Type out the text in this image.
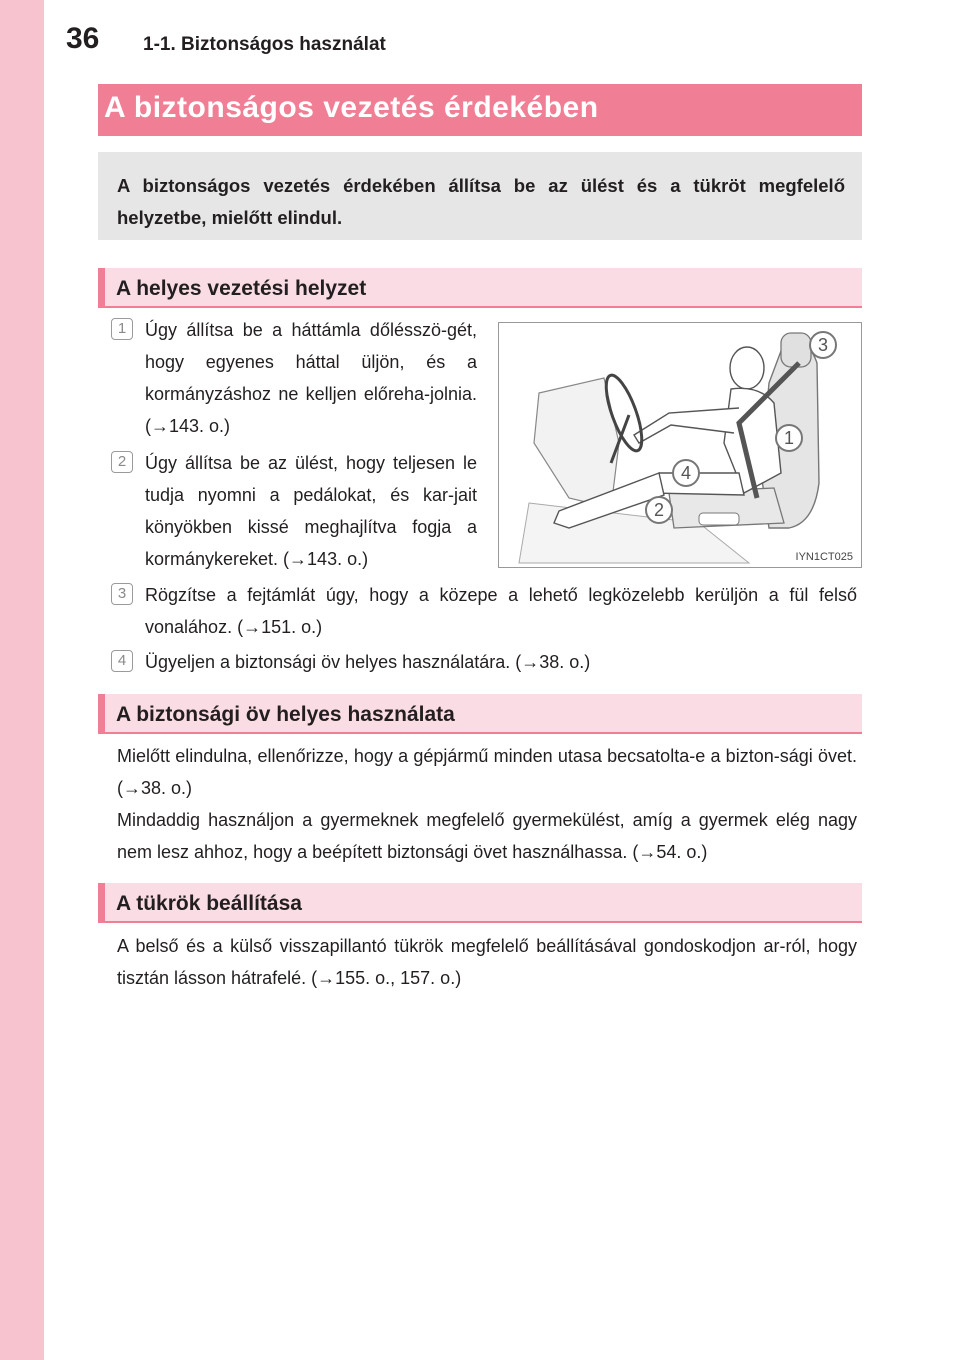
36 1-1. Biztonságos használat
A biztonságos vezetés érdekében
A biztonságos vezetés érdekében állítsa be az ülést és a tükröt megfelelő helyzetbe, mielőtt elindul.
A helyes vezetési helyzet
1	Úgy állítsa be a háttámla dőlésszö-gét, hogy egyenes háttal üljön, és a kormányzáshoz ne kelljen előreha-jolnia. (→143. o.)
2	Úgy állítsa be az ülést, hogy teljesen le tudja nyomni a pedálokat, és kar-jait könyökben kissé meghajlítva fogja a kormánykereket. (→143. o.)
3
1
4
2
IYN1CT025
3	Rögzítse a fejtámlát úgy, hogy a közepe a lehető legközelebb kerüljön a fül felső vonalához. (→151. o.)
4	Ügyeljen a biztonsági öv helyes használatára. (→38. o.)
A biztonsági öv helyes használata
Mielőtt elindulna, ellenőrizze, hogy a gépjármű minden utasa becsatolta-e a bizton-sági övet. (→38. o.)
Mindaddig használjon a gyermeknek megfelelő gyermekülést, amíg a gyermek elég nagy nem lesz ahhoz, hogy a beépített biztonsági övet használhassa. (→54. o.)
A tükrök beállítása
A belső és a külső visszapillantó tükrök megfelelő beállításával gondoskodjon ar-ról, hogy tisztán lásson hátrafelé. (→155. o., 157. o.)
